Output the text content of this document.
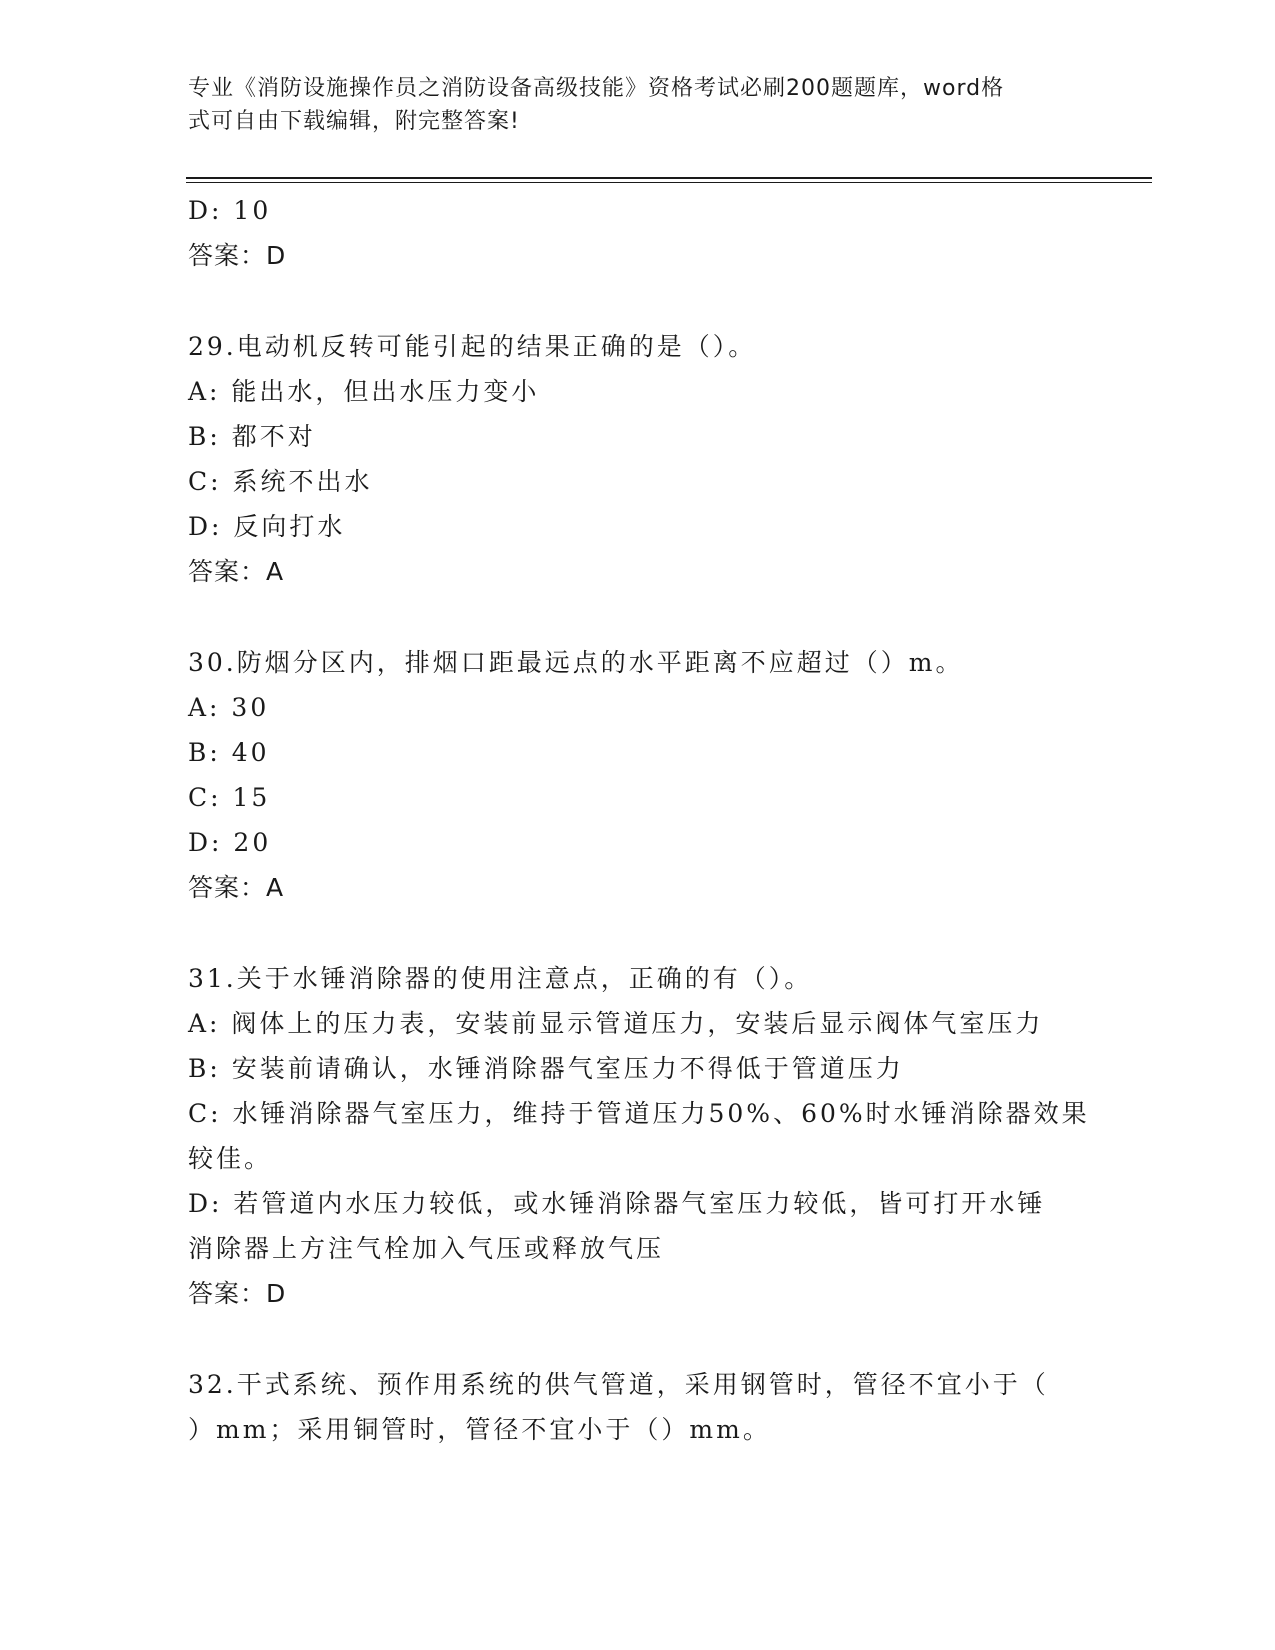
专业《消防设施操作员之消防设备高级技能》资格考试必刷200题题库，word格
式可自由下载编辑，附完整答案!
D: 10
答案：D
29.电动机反转可能引起的结果正确的是（）。
A: 能出水，但出水压力变小
B: 都不对
C: 系统不出水
D: 反向打水
答案：A
30.防烟分区内，排烟口距最远点的水平距离不应超过（）m。
A: 30
B: 40
C: 15
D: 20
答案：A
31.关于水锤消除器的使用注意点，正确的有（）。
A: 阀体上的压力表，安装前显示管道压力，安装后显示阀体气室压力
B: 安装前请确认，水锤消除器气室压力不得低于管道压力
C: 水锤消除器气室压力，维持于管道压力50%、60%时水锤消除器效果
较佳。
D: 若管道内水压力较低，或水锤消除器气室压力较低，皆可打开水锤
消除器上方注气栓加入气压或释放气压
答案：D
32.干式系统、预作用系统的供气管道，采用钢管时，管径不宜小于（
）mm；采用铜管时，管径不宜小于（）mm。
